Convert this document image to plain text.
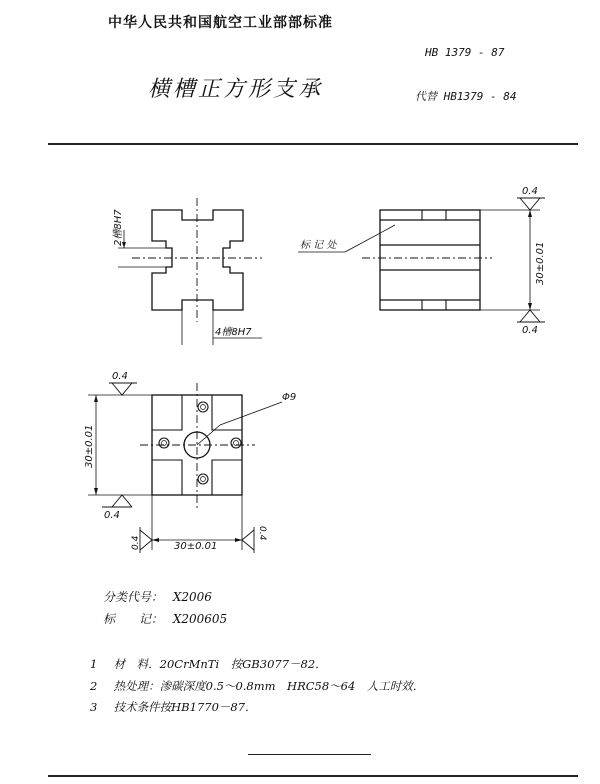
中华人民共和国航空工业部部标准
HB 1379 - 87
横槽正方形支承	代替 HB1379 - 84
2槽8H7
4槽8H7
标 记 处
0.4
0.4
30±0.01
0.4
Φ9
30±0.01
0.4
0.4	30±0.01
0.4
分类代号： X2006
标　　记： X200605
1 材　料．20CrMnTi　按GB3077－82．
2 热处理：渗碳深度0.5～0.8mm　HRC58～64　人工时效．
3 技术条件按HB1770－87．
